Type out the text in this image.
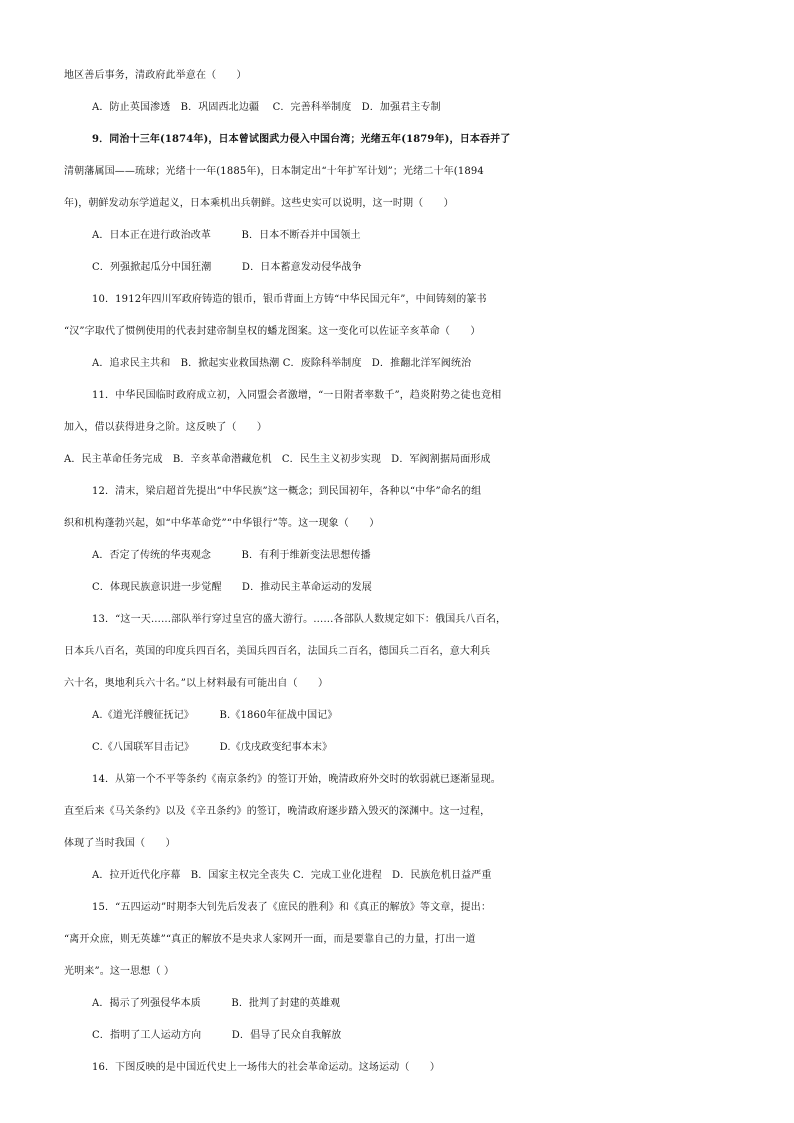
地区善后事务，清政府此举意在（　　）
A．防止英国渗透　B．巩固西北边疆　 C．完善科举制度　D．加强君主专制
9．同治十三年(1874年)，日本曾试图武力侵入中国台湾；光绪五年(1879年)，日本吞并了
清朝藩属国——琉球；光绪十一年(1885年)，日本制定出“十年扩军计划”；光绪二十年(1894
年)，朝鲜发动东学道起义，日本乘机出兵朝鲜。这些史实可以说明，这一时期（　　）
A．日本正在进行政治改革　　　B．日本不断吞并中国领土
C．列强掀起瓜分中国狂潮　　　D．日本蓄意发动侵华战争
10．1912年四川军政府铸造的银币，银币背面上方铸“中华民国元年”，中间铸刻的篆书
“汉”字取代了惯例使用的代表封建帝制皇权的蟠龙图案。这一变化可以佐证辛亥革命（　　）
A．追求民主共和　B．掀起实业救国热潮 C．废除科举制度　D．推翻北洋军阀统治
11．中华民国临时政府成立初，入同盟会者激增，“一日附者率数千”，趋炎附势之徒也竞相
加入，借以获得进身之阶。这反映了（　　）
A．民主革命任务完成　B．辛亥革命潜藏危机　C．民生主义初步实现　D．军阀割据局面形成
12．清末，梁启超首先提出“中华民族”这一概念；到民国初年，各种以“中华”命名的组
织和机构蓬勃兴起，如“中华革命党”“中华银行”等。这一现象（　　）
A．否定了传统的华夷观念　　　B．有利于维新变法思想传播
C．体现民族意识进一步觉醒　　D．推动民主革命运动的发展
13．“这一天……部队举行穿过皇宫的盛大游行。……各部队人数规定如下：俄国兵八百名，
日本兵八百名，英国的印度兵四百名，美国兵四百名，法国兵二百名，德国兵二百名，意大利兵
六十名，奥地利兵六十名。”以上材料最有可能出自（　　）
A.《道光洋艘征抚记》　　　B.《1860年征战中国记》
C.《八国联军目击记》　　　D.《戊戌政变纪事本末》
14．从第一个不平等条约《南京条约》的签订开始，晚清政府外交时的软弱就已逐渐显现。
直至后来《马关条约》以及《辛丑条约》的签订，晚清政府逐步踏入毁灭的深渊中。这一过程，
体现了当时我国（　　）
A．拉开近代化序幕　B．国家主权完全丧失 C．完成工业化进程　D．民族危机日益严重
15．“五四运动”时期李大钊先后发表了《庶民的胜利》和《真正的解放》等文章，提出：
“离开众庶，则无英雄”“真正的解放不是央求人家网开一面，而是要靠自己的力量，打出一道
光明来”。这一思想（ ）
A．揭示了列强侵华本质　　　B．批判了封建的英雄观
C．指明了工人运动方向　　　D．倡导了民众自我解放
16．下图反映的是中国近代史上一场伟大的社会革命运动。这场运动（　　）
